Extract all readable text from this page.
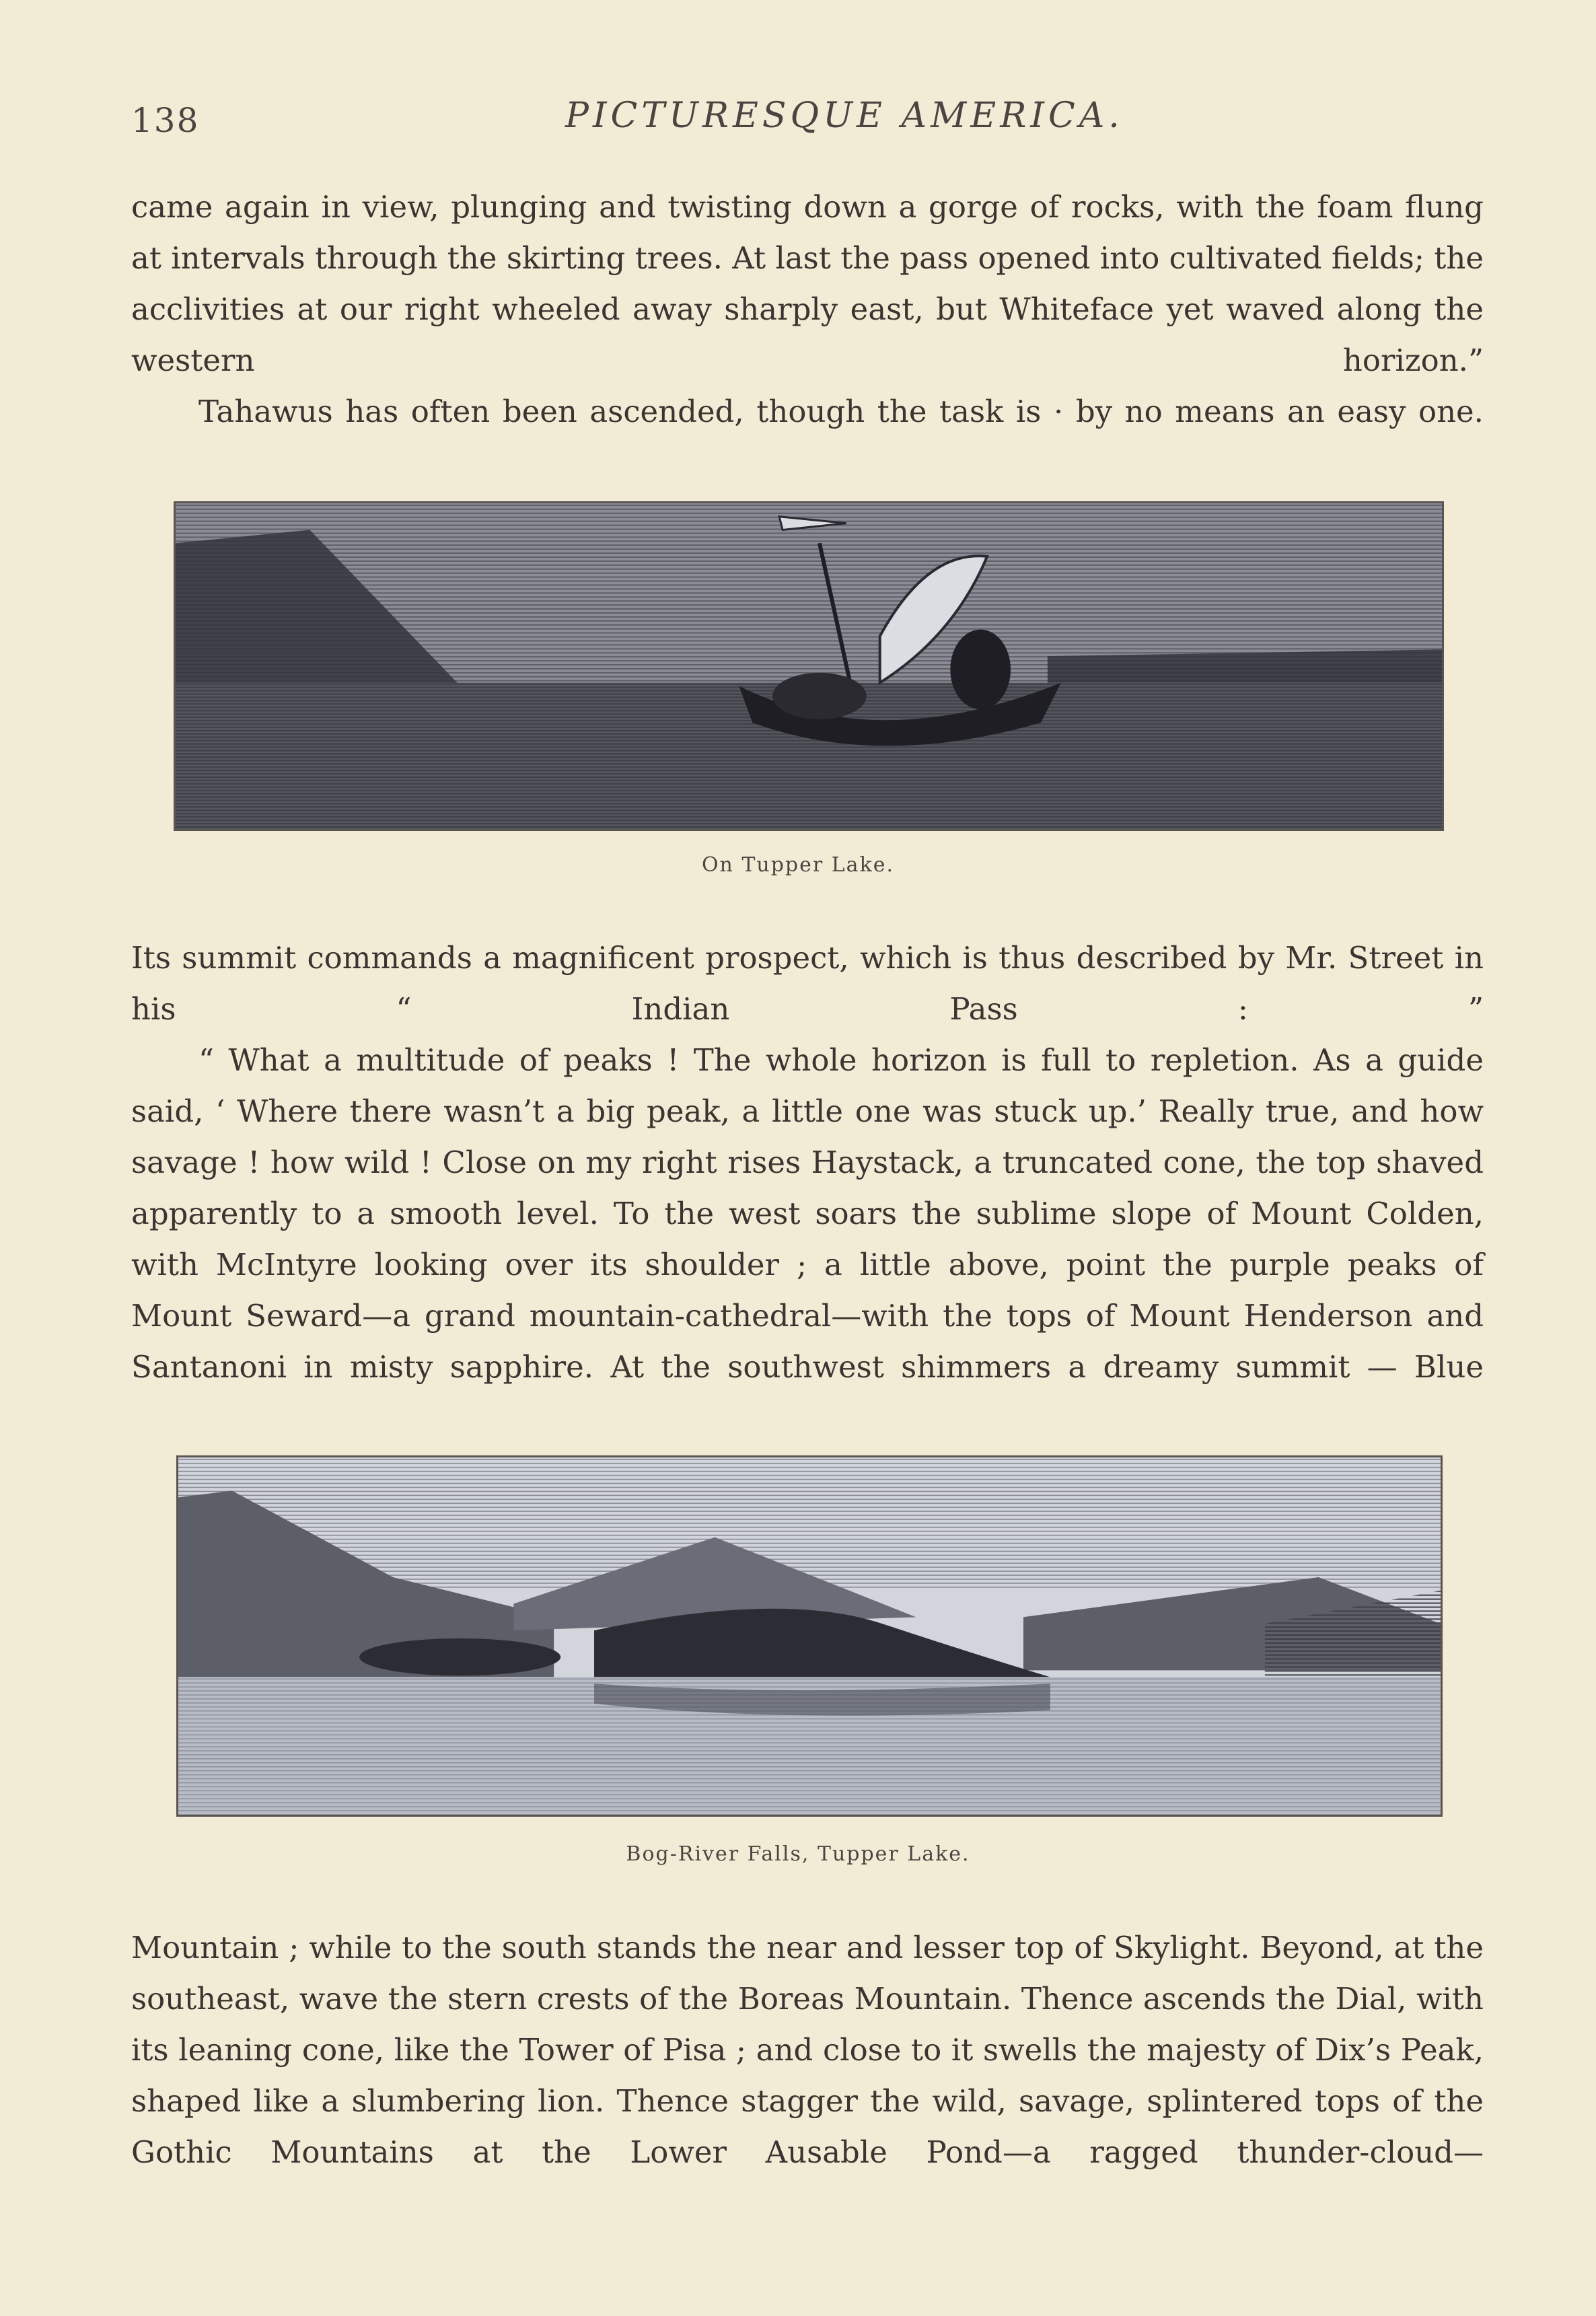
138	PICTURESQUE AMERICA.

came again in view, plunging and twisting down a gorge of rocks, with the foam flung at intervals through the skirting trees. At last the pass opened into cultivated fields; the acclivities at our right wheeled away sharply east, but Whiteface yet waved along the western horizon.”

Tahawus has often been ascended, though the task is · by no means an easy one.

On Tupper Lake.

Its summit commands a magnificent prospect, which is thus described by Mr. Street in his “ Indian Pass : ”

“ What a multitude of peaks ! The whole horizon is full to repletion. As a guide said, ‘ Where there wasn’t a big peak, a little one was stuck up.’ Really true, and how savage ! how wild ! Close on my right rises Haystack, a truncated cone, the top shaved apparently to a smooth level. To the west soars the sublime slope of Mount Colden, with McIntyre looking over its shoulder ; a little above, point the purple peaks of Mount Seward—a grand mountain-cathedral—with the tops of Mount Henderson and Santanoni in misty sapphire. At the southwest shimmers a dreamy summit — Blue

Bog-River Falls, Tupper Lake.

Mountain ; while to the south stands the near and lesser top of Skylight. Beyond, at the southeast, wave the stern crests of the Boreas Mountain. Thence ascends the Dial, with its leaning cone, like the Tower of Pisa ; and close to it swells the majesty of Dix’s Peak, shaped like a slumbering lion. Thence stagger the wild, savage, splintered tops of the Gothic Mountains at the Lower Ausable Pond—a ragged thunder-cloud—
